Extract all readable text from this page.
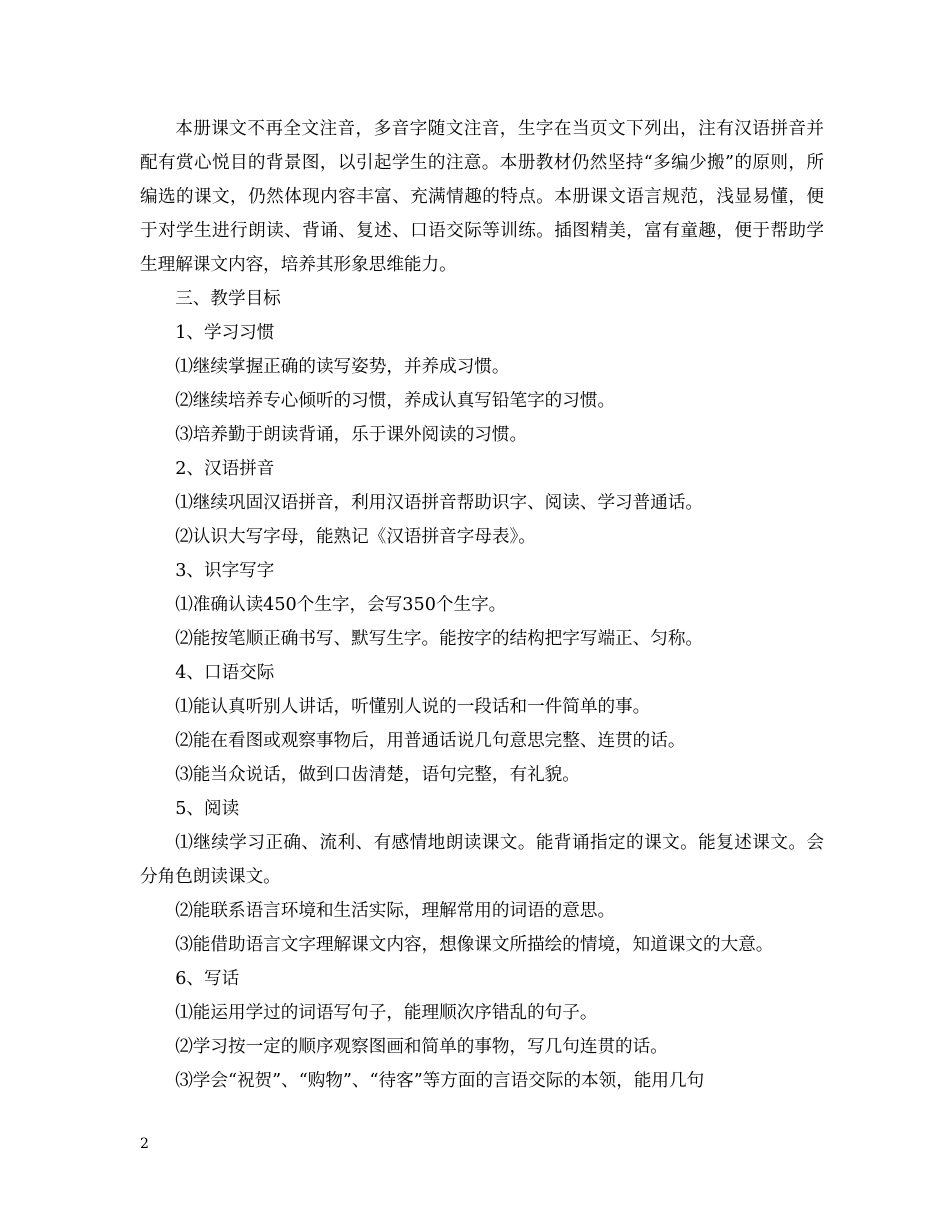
本册课文不再全文注音，多音字随文注音，生字在当页文下列出，注有汉语拼音并配有赏心悦目的背景图，以引起学生的注意。本册教材仍然坚持“多编少搬”的原则，所编选的课文，仍然体现内容丰富、充满情趣的特点。本册课文语言规范，浅显易懂，便于对学生进行朗读、背诵、复述、口语交际等训练。插图精美，富有童趣，便于帮助学生理解课文内容，培养其形象思维能力。

三、教学目标

1、学习习惯

⑴继续掌握正确的读写姿势，并养成习惯。

⑵继续培养专心倾听的习惯，养成认真写铅笔字的习惯。

⑶培养勤于朗读背诵，乐于课外阅读的习惯。

2、汉语拼音

⑴继续巩固汉语拼音，利用汉语拼音帮助识字、阅读、学习普通话。

⑵认识大写字母，能熟记《汉语拼音字母表》。

3、识字写字

⑴准确认读450个生字，会写350个生字。

⑵能按笔顺正确书写、默写生字。能按字的结构把字写端正、匀称。

4、口语交际

⑴能认真听别人讲话，听懂别人说的一段话和一件简单的事。

⑵能在看图或观察事物后，用普通话说几句意思完整、连贯的话。

⑶能当众说话，做到口齿清楚，语句完整，有礼貌。

5、阅读

⑴继续学习正确、流利、有感情地朗读课文。能背诵指定的课文。能复述课文。会分角色朗读课文。

⑵能联系语言环境和生活实际，理解常用的词语的意思。

⑶能借助语言文字理解课文内容，想像课文所描绘的情境，知道课文的大意。

6、写话

⑴能运用学过的词语写句子，能理顺次序错乱的句子。

⑵学习按一定的顺序观察图画和简单的事物，写几句连贯的话。

⑶学会“祝贺”、“购物”、“待客”等方面的言语交际的本领，能用几句

2
